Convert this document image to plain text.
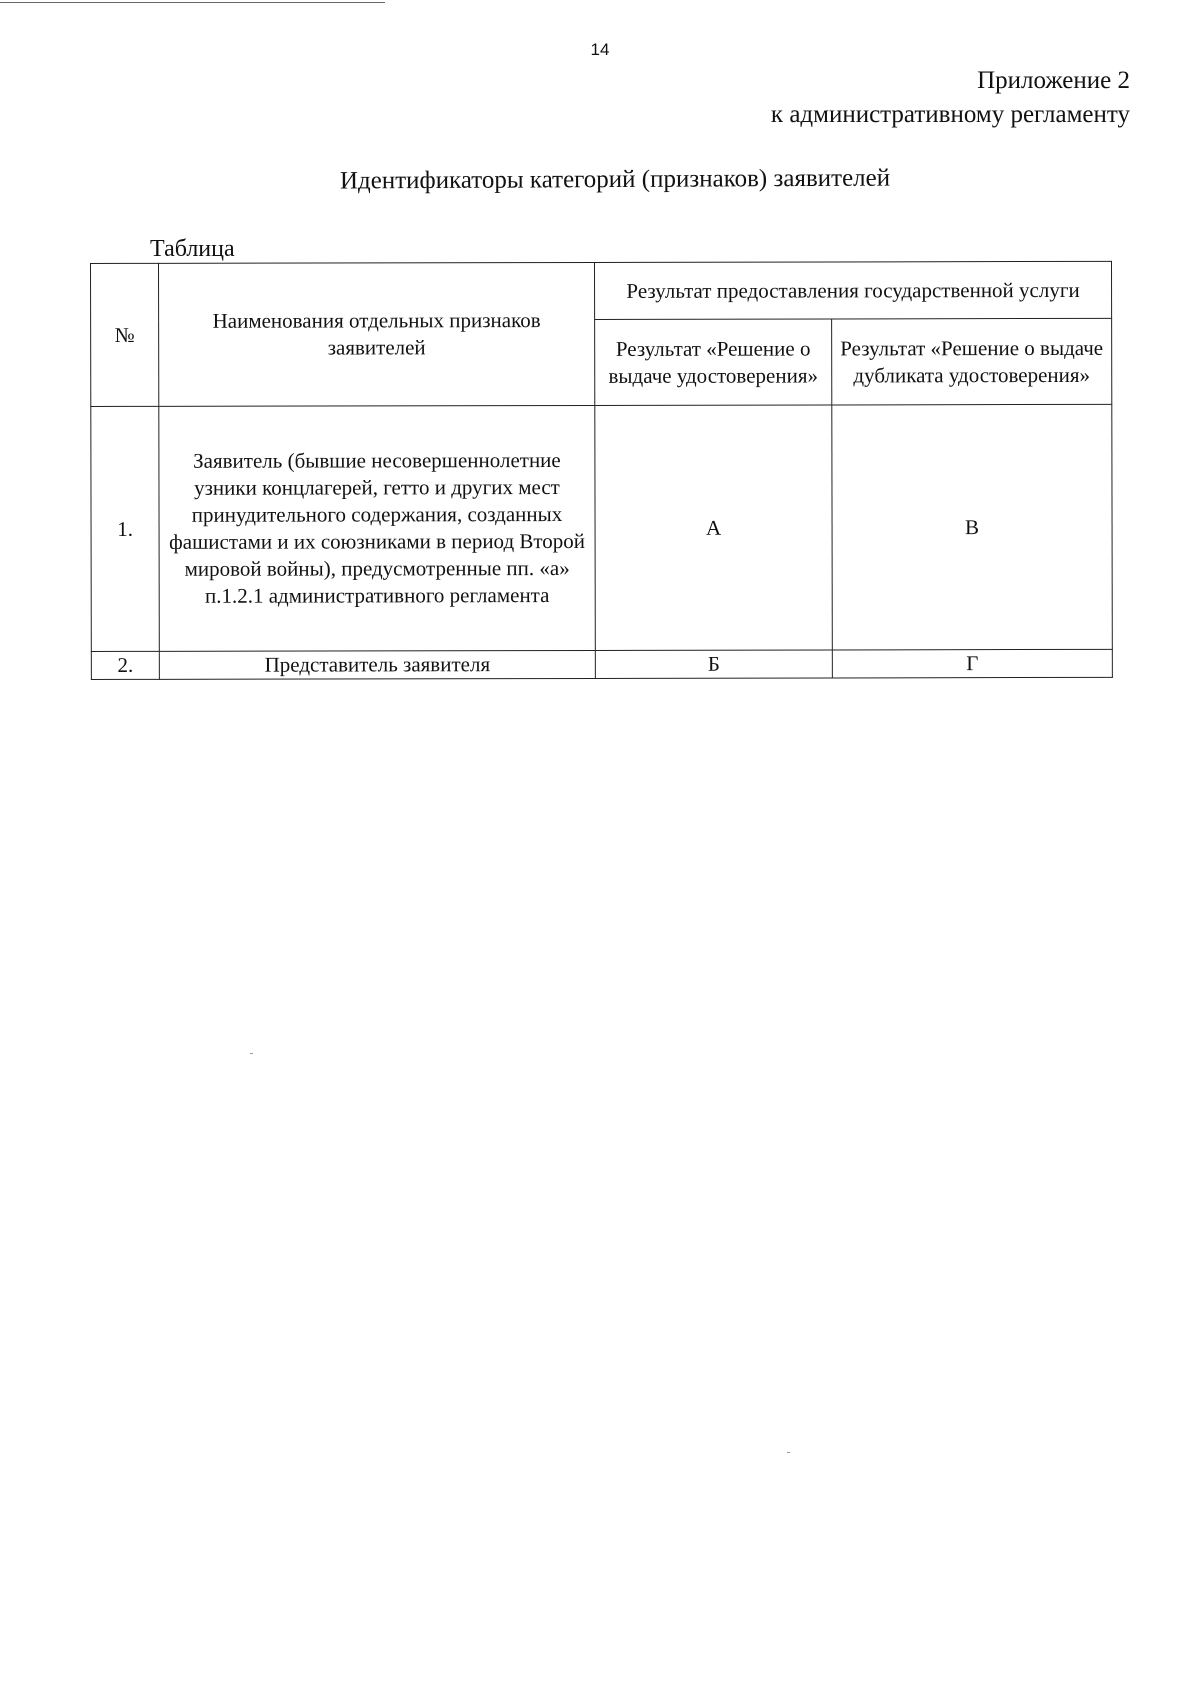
14
Приложение 2
к административному регламенту
Идентификаторы категорий (признаков) заявителей
Таблица
№	Наименования отдельных признаков заявителей	Результат предоставления государственной услуги	
		Результат «Решение о выдаче удостоверения»	Результат «Решение о выдаче дубликата удостоверения»
1.	Заявитель (бывшие несовершеннолетние узники концлагерей, гетто и других мест принудительного содержания, созданных фашистами и их союзниками в период Второй мировой войны), предусмотренные пп. «а» п.1.2.1 административного регламента	А	В
2.	Представитель заявителя	Б	Г
